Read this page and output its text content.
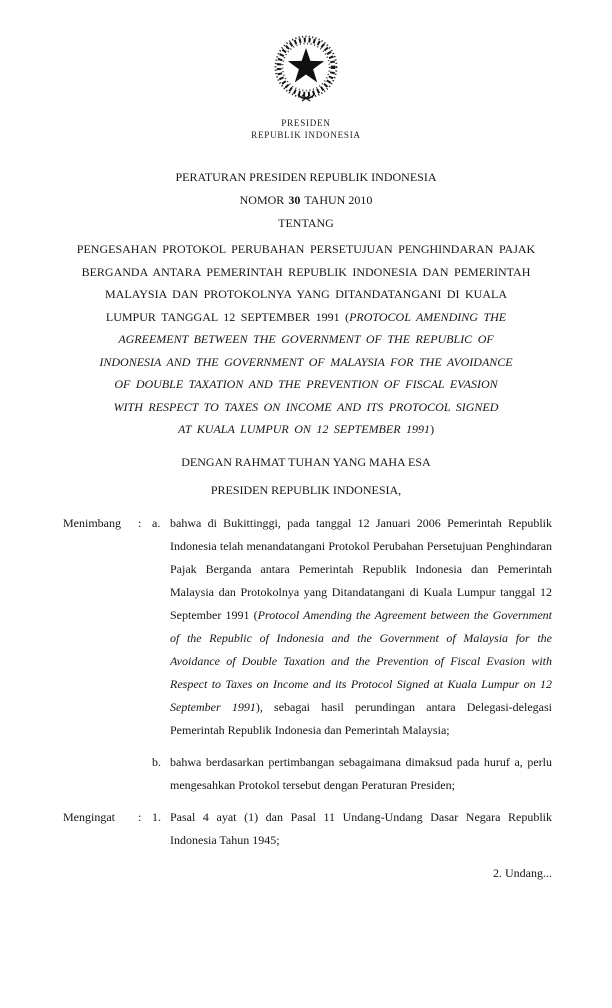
PRESIDEN
REPUBLIK INDONESIA
PERATURAN PRESIDEN REPUBLIK INDONESIA
NOMOR 30 TAHUN 2010
TENTANG
PENGESAHAN PROTOKOL PERUBAHAN PERSETUJUAN PENGHINDARAN PAJAK
BERGANDA ANTARA PEMERINTAH REPUBLIK INDONESIA DAN PEMERINTAH
MALAYSIA DAN PROTOKOLNYA YANG DITANDATANGANI DI KUALA
LUMPUR TANGGAL 12 SEPTEMBER 1991 (PROTOCOL AMENDING THE
AGREEMENT BETWEEN THE GOVERNMENT OF THE REPUBLIC OF
INDONESIA AND THE GOVERNMENT OF MALAYSIA FOR THE AVOIDANCE
OF DOUBLE TAXATION AND THE PREVENTION OF FISCAL EVASION
WITH RESPECT TO TAXES ON INCOME AND ITS PROTOCOL SIGNED
AT KUALA LUMPUR ON 12 SEPTEMBER 1991)
DENGAN RAHMAT TUHAN YANG MAHA ESA
PRESIDEN REPUBLIK INDONESIA,
Menimbang	: a. bahwa di Bukittinggi, pada tanggal 12 Januari 2006 Pemerintah Republik Indonesia telah menandatangani Protokol Perubahan Persetujuan Penghindaran Pajak Berganda antara Pemerintah Republik Indonesia dan Pemerintah Malaysia dan Protokolnya yang Ditandatangani di Kuala Lumpur tanggal 12 September 1991 (Protocol Amending the Agreement between the Government of the Republic of Indonesia and the Government of Malaysia for the Avoidance of Double Taxation and the Prevention of Fiscal Evasion with Respect to Taxes on Income and its Protocol Signed at Kuala Lumpur on 12 September 1991), sebagai hasil perundingan antara Delegasi-delegasi Pemerintah Republik Indonesia dan Pemerintah Malaysia;
b. bahwa berdasarkan pertimbangan sebagaimana dimaksud pada huruf a, perlu mengesahkan Protokol tersebut dengan Peraturan Presiden;
Mengingat	: 1. Pasal 4 ayat (1) dan Pasal 11 Undang-Undang Dasar Negara Republik Indonesia Tahun 1945;
2. Undang...
